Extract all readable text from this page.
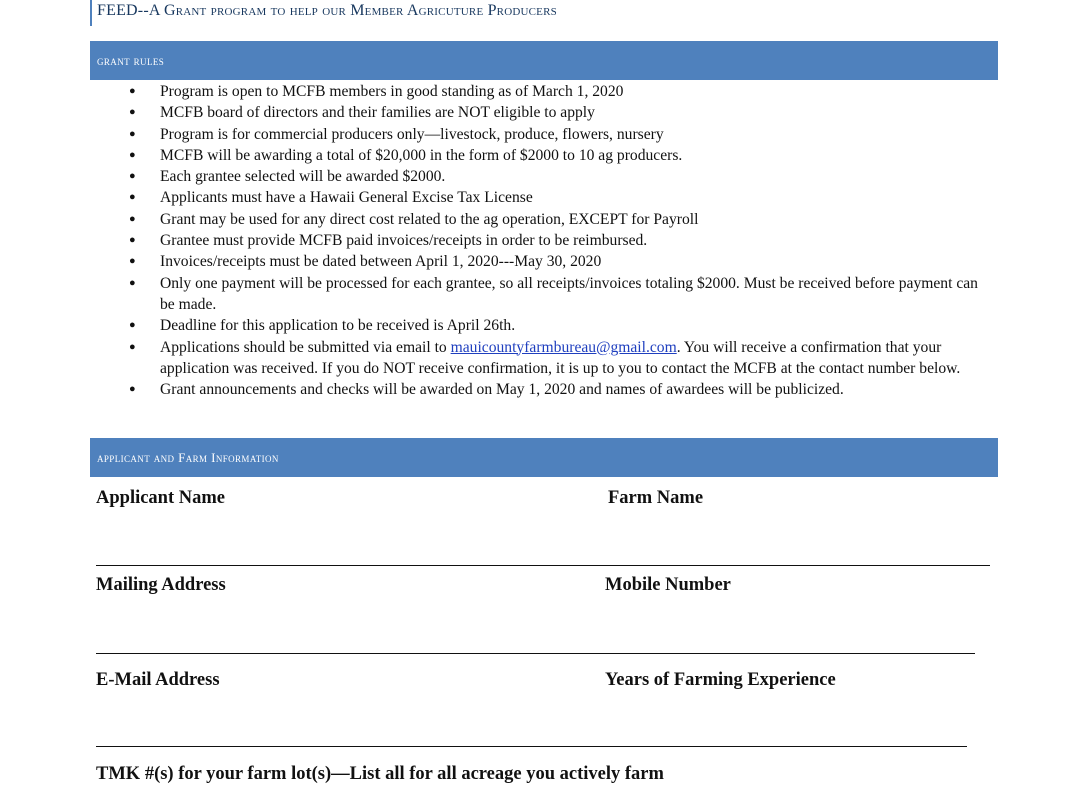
FEED--A Grant program to help our Member Agricuture Producers
grant rules
● Program is open to MCFB members in good standing as of March 1, 2020
● MCFB board of directors and their families are NOT eligible to apply
● Program is for commercial producers only—livestock, produce, flowers, nursery
● MCFB will be awarding a total of $20,000 in the form of $2000 to 10 ag producers.
● Each grantee selected will be awarded $2000.
● Applicants must have a Hawaii General Excise Tax License
● Grant may be used for any direct cost related to the ag operation, EXCEPT for Payroll
● Grantee must provide MCFB paid invoices/receipts in order to be reimbursed.
● Invoices/receipts must be dated between April 1, 2020---May 30, 2020
● Only one payment will be processed for each grantee, so all receipts/invoices totaling $2000. Must be received before payment can be made.
● Deadline for this application to be received is April 26th.
● Applications should be submitted via email to mauicountyfarmbureau@gmail.com. You will receive a confirmation that your application was received. If you do NOT receive confirmation, it is up to you to contact the MCFB at the contact number below.
● Grant announcements and checks will be awarded on May 1, 2020 and names of awardees will be publicized.
applicant and Farm Information
Applicant Name	Farm Name
Mailing Address	Mobile Number
E-Mail Address	Years of Farming Experience
TMK #(s) for your farm lot(s)—List all for all acreage you actively farm
